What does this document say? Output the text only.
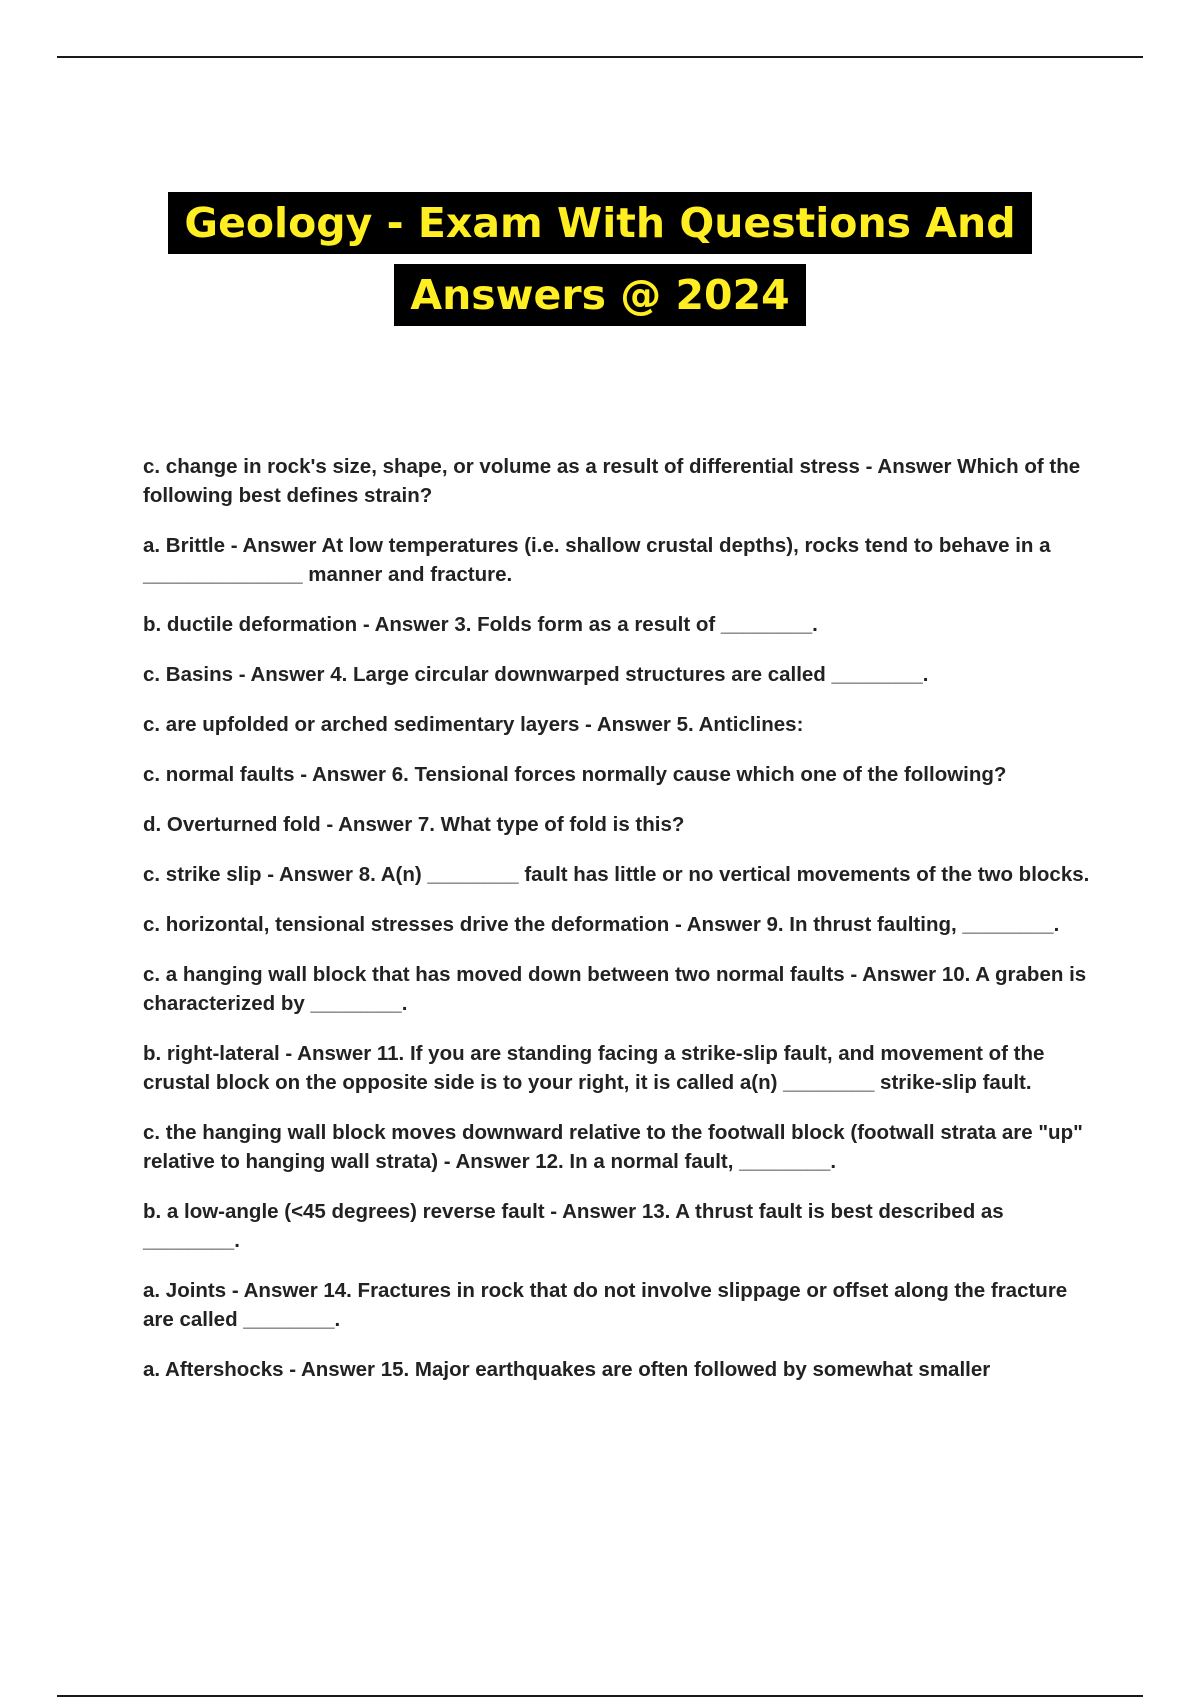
Geology - Exam With Questions And
Answers @ 2024

c. change in rock's size, shape, or volume as a result of differential stress - Answer Which of the following best defines strain?

a. Brittle - Answer At low temperatures (i.e. shallow crustal depths), rocks tend to behave in a ______________ manner and fracture.

b. ductile deformation - Answer 3. Folds form as a result of ________.

c. Basins - Answer 4. Large circular downwarped structures are called ________.

c. are upfolded or arched sedimentary layers - Answer 5. Anticlines:

c. normal faults - Answer 6. Tensional forces normally cause which one of the following?

d. Overturned fold - Answer 7. What type of fold is this?

c. strike slip - Answer 8. A(n) ________ fault has little or no vertical movements of the two blocks.

c. horizontal, tensional stresses drive the deformation - Answer 9. In thrust faulting, ________.

c. a hanging wall block that has moved down between two normal faults - Answer 10. A graben is characterized by ________.

b. right-lateral - Answer 11. If you are standing facing a strike-slip fault, and movement of the crustal block on the opposite side is to your right, it is called a(n) ________ strike-slip fault.

c. the hanging wall block moves downward relative to the footwall block (footwall strata are "up" relative to hanging wall strata) - Answer 12. In a normal fault, ________.

b. a low-angle (<45 degrees) reverse fault - Answer 13. A thrust fault is best described as ________.

a. Joints - Answer 14. Fractures in rock that do not involve slippage or offset along the fracture are called ________.

a. Aftershocks - Answer 15. Major earthquakes are often followed by somewhat smaller
